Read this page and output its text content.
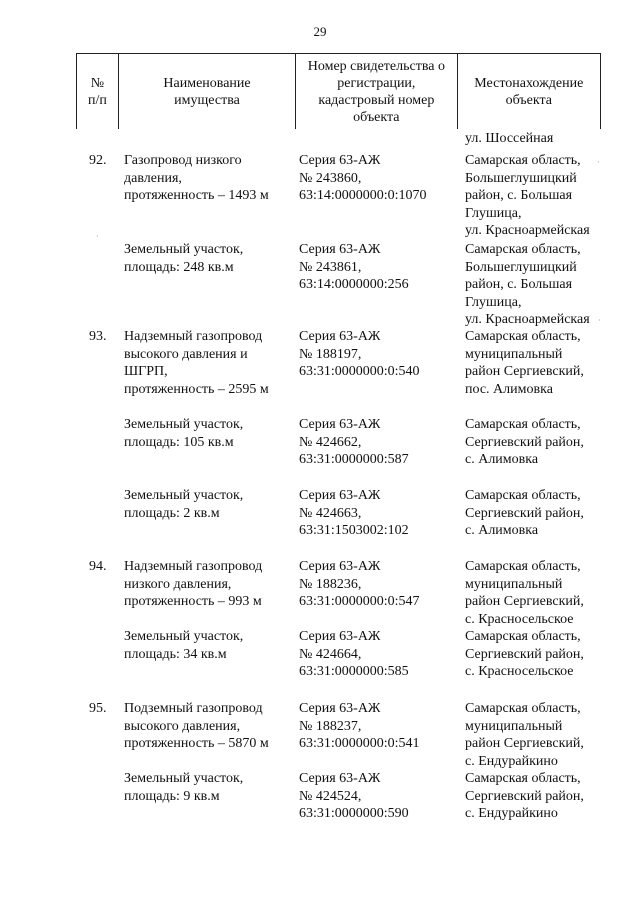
29
№
п/п
Наименование
имущества
Номер свидетельства о
регистрации,
кадастровый номер
объекта
Местонахождение
объекта
ул. Шоссейная
92. Газопровод низкого
давления,
протяженность – 1493 м
Серия 63-АЖ
№ 243860,
63:14:0000000:0:1070
Самарская область,
Большеглушицкий
район, с. Большая
Глушица,
ул. Красноармейская
Земельный участок,
площадь: 248 кв.м
Серия 63-АЖ
№ 243861,
63:14:0000000:256
Самарская область,
Большеглушицкий
район, с. Большая
Глушица,
ул. Красноармейская
93. Надземный газопровод
высокого давления и
ШГРП,
протяженность – 2595 м
Серия 63-АЖ
№ 188197,
63:31:0000000:0:540
Самарская область,
муниципальный
район Сергиевский,
пос. Алимовка
Земельный участок,
площадь: 105 кв.м
Серия 63-АЖ
№ 424662,
63:31:0000000:587
Самарская область,
Сергиевский район,
с. Алимовка
Земельный участок,
площадь: 2 кв.м
Серия 63-АЖ
№ 424663,
63:31:1503002:102
Самарская область,
Сергиевский район,
с. Алимовка
94. Надземный газопровод
низкого давления,
протяженность – 993 м
Серия 63-АЖ
№ 188236,
63:31:0000000:0:547
Самарская область,
муниципальный
район Сергиевский,
с. Красносельское
Земельный участок,
площадь: 34 кв.м
Серия 63-АЖ
№ 424664,
63:31:0000000:585
Самарская область,
Сергиевский район,
с. Красносельское
95. Подземный газопровод
высокого давления,
протяженность – 5870 м
Серия 63-АЖ
№ 188237,
63:31:0000000:0:541
Самарская область,
муниципальный
район Сергиевский,
с. Ендурайкино
Земельный участок,
площадь: 9 кв.м
Серия 63-АЖ
№ 424524,
63:31:0000000:590
Самарская область,
Сергиевский район,
с. Ендурайкино
·
·
·
